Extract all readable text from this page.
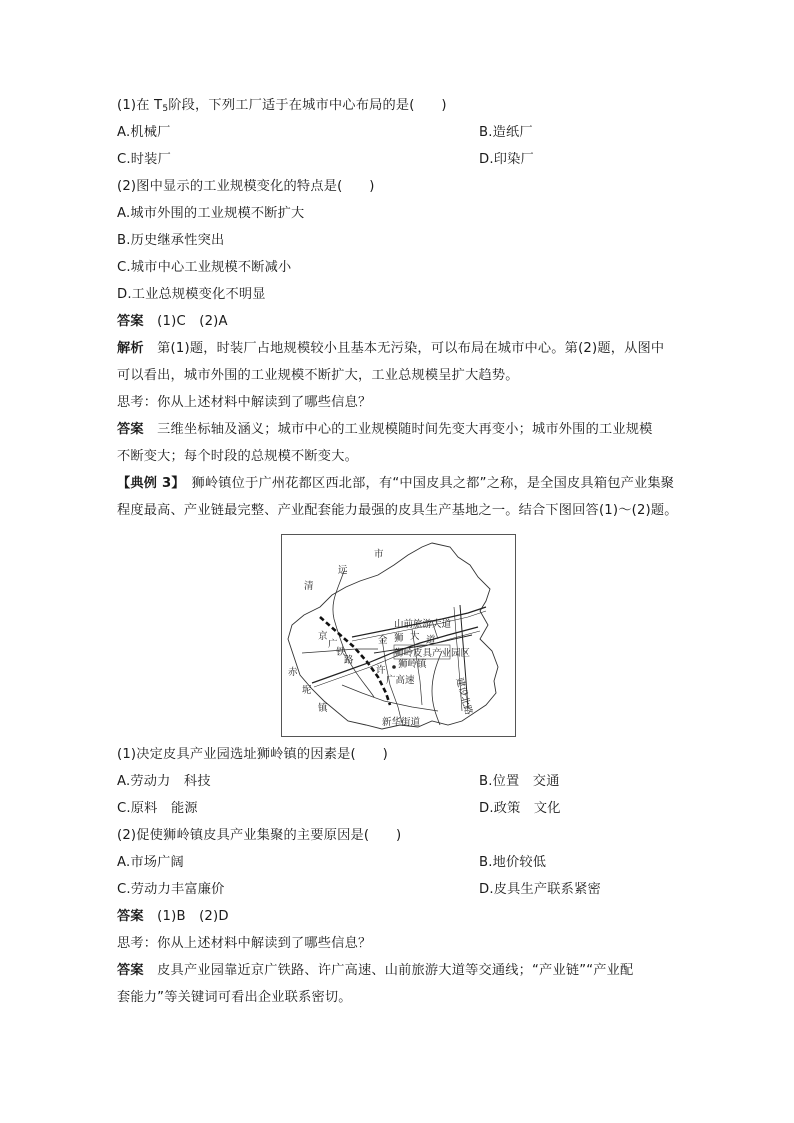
(1)在 $T_5$阶段，下列工厂适于在城市中心布局的是(　　)
A.机械厂	B.造纸厂
C.时装厂	D.印染厂
(2)图中显示的工业规模变化的特点是(　　)
A.城市外围的工业规模不断扩大
B.历史继承性突出
C.城市中心工业规模不断减小
D.工业总规模变化不明显
答案　 (1)C　(2)A
解析　 第(1)题，时装厂占地规模较小且基本无污染，可以布局在城市中心。第(2)题，从图中
可以看出，城市外围的工业规模不断扩大，工业总规模呈扩大趋势。
思考：你从上述材料中解读到了哪些信息？
答案　 三维坐标轴及涵义；城市中心的工业规模随时间先变大再变小；城市外围的工业规模
不断变大；每个时段的总规模不断变大。
【典例 3】　 狮岭镇位于广州花都区西北部，有“中国皮具之都”之称，是全国皮具箱包产业集聚
程度最高、产业链最完整、产业配套能力最强的皮具生产基地之一。结合下图回答(1)～(2)题。
市
远
清
京
广
铁
路
赤
坭
镇
山前旅游大道
金 狮 大 道
狮岭皮具产业园区
狮岭镇
许
广高速	建设北路
新华街道
(1)决定皮具产业园选址狮岭镇的因素是(　　)
A.劳动力　科技	B.位置　交通
C.原料　能源	D.政策　文化
(2)促使狮岭镇皮具产业集聚的主要原因是(　　)
A.市场广阔	B.地价较低
C.劳动力丰富廉价	D.皮具生产联系紧密
答案　 (1)B　(2)D
思考：你从上述材料中解读到了哪些信息？
答案　 皮具产业园靠近京广铁路、许广高速、山前旅游大道等交通线；“产业链”“产业配
套能力”等关键词可看出企业联系密切。
